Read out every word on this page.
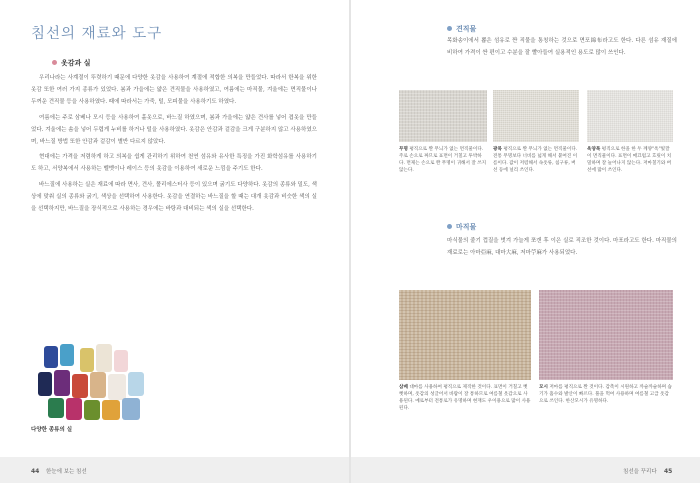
침선의 재료와 도구
옷감과 실

우리나라는 사계절이 뚜렷하기 때문에 다양한 옷감을 사용하여 계절에 적합한 의복을 만들었다. 따라서 한복을 위한 옷감 또한 여러 가지 종류가 있었다. 봄과 가을에는 얇은 견직물을 사용하였고, 여름에는 마직물, 겨울에는 면직물이나 두꺼운 견직물 등을 사용하였다. 때에 따라서는 가죽, 털, 모피물을 사용하기도 하였다.

여름에는 주로 삼베나 모시 등을 사용하여 홑옷으로, 바느질 하였으며, 봄과 가을에는 얇은 견사를 넣어 겹옷을 만들었다. 겨울에는 솜을 넣어 두렵게 누비를 하거나 털을 사용하였다. 옷감은 안감과 겉감을 크게 구분하지 않고 사용하였으며, 바느질 방법 또한 안감과 겉감이 별반 다르지 않았다.

현대에는 가격을 저렴하게 하고 의복을 쉽게 관리하기 위하여 천연 섬유와 유사한 특징을 가진 화학섬유를 사용하기도 하고, 서양복에서 사용하는 벨벳이나 레이스 등의 옷감을 이용하여 새로운 느낌을 주기도 한다.

바느질에 사용하는 실은 재료에 따라 면사, 견사, 폴리에스터사 등이 있으며 굵기도 다양하다. 옷감의 종류와 밀도, 색상에 맞춰 실의 종류와 굵기, 색상을 선택하여 사용한다. 옷감을 연결하는 바느질을 할 때는 대개 옷감과 비슷한 색의 실을 선택하지만, 바느질을 장식적으로 사용하는 경우에는 바탕과 대비되는 색의 실을 선택한다.

다양한 종류의 실
44 한눈에 보는 침선
견직물

목화송이에서 뽑은 섬유로 짠 직물을 통칭하는 것으로 면포綿布라고도 한다. 다른 섬유 재질에 비하여 가격이 싼 편이고 수분을 잘 빨아들여 실용적인 용도로 많이 쓰인다.

무명 평직으로 짠 무늬가 없는 면직물이다. 주로 손으로 짜므로 표면이 거칠고 투박하다. 면제는 손으로 짠 무명이 귀해서 잘 쓰지 않는다.
광목 평직으로 짠 무늬가 없는 면직물이다. 전통 무명보다 너비를 넓게 해서 붙여진 이름이다. 값이 저렴해서 속옷류, 침구류, 버선 등에 널리 쓰인다.
옥양목 평직으로 한올 한 두 께양"옥"빛깔이 면직물이다. 표면이 매끄럽고 흐릿이 치밀하며 잘 늘어나지 않는다. 저마칠기와 버선에 많이 쓰인다.
마직물

마식물의 줄기 껍질을 벗겨 가늘게 쪼갠 후 이은 실로 직조한 것이다. 마포라고도 한다. 마직물의 재료로는 아마亞麻, 대마大麻, 저마苧麻가 사용되었다.

삼베 대마를 사용하여 평직으로 제직한 것이다. 표면이 거칠고 뻣뻣하며, 옷감의 성글어서 바람이 잘 통하므로 여름철 옷감으로 사용된다. 예로부터 전통로가 유명하며 현재도 우이용으로 많이 사용된다.
모시 저마를 평직으로 짠 것이다. 감촉이 시원하고 까슬까슬하며 습기가 흡수와 발산이 빠르다. 풀을 먹여 사용하며 여름철 고급 옷감으로 쓰인다. 한산모시가 유명하다.
침선을 꾸리다 45
